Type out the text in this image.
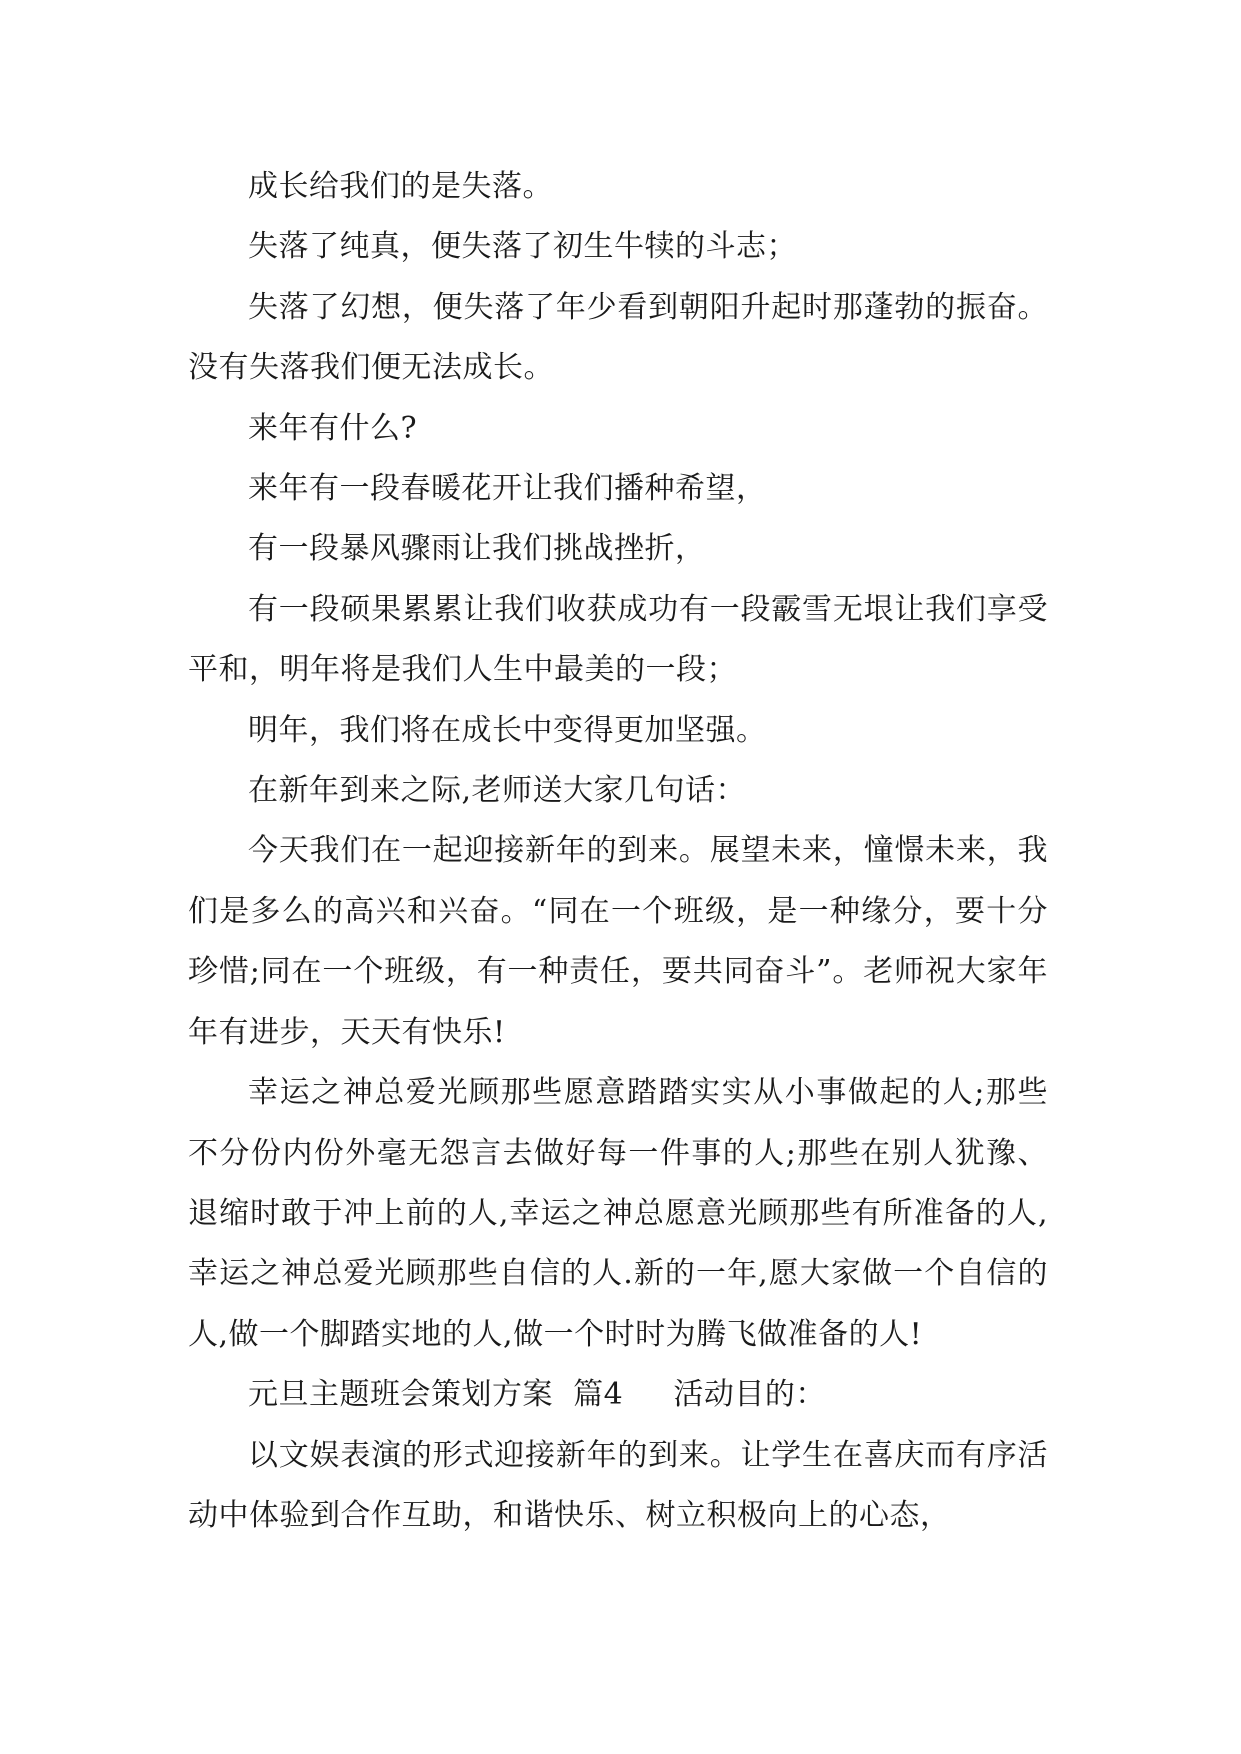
成长给我们的是失落。

失落了纯真，便失落了初生牛犊的斗志；

失落了幻想，便失落了年少看到朝阳升起时那蓬勃的振奋。没有失落我们便无法成长。

来年有什么?

来年有一段春暖花开让我们播种希望，

有一段暴风骤雨让我们挑战挫折，

有一段硕果累累让我们收获成功有一段霰雪无垠让我们享受平和，明年将是我们人生中最美的一段；

明年，我们将在成长中变得更加坚强。

在新年到来之际,老师送大家几句话：

今天我们在一起迎接新年的到来。展望未来，憧憬未来，我们是多么的高兴和兴奋。“同在一个班级，是一种缘分，要十分珍惜;同在一个班级，有一种责任，要共同奋斗”。老师祝大家年年有进步，天天有快乐!

幸运之神总爱光顾那些愿意踏踏实实从小事做起的人;那些不分份内份外毫无怨言去做好每一件事的人;那些在别人犹豫、退缩时敢于冲上前的人,幸运之神总愿意光顾那些有所准备的人,幸运之神总爱光顾那些自信的人.新的一年,愿大家做一个自信的人,做一个脚踏实地的人,做一个时时为腾飞做准备的人!

元旦主题班会策划方案  篇4     活动目的：

以文娱表演的形式迎接新年的到来。让学生在喜庆而有序活动中体验到合作互助，和谐快乐、树立积极向上的心态，
